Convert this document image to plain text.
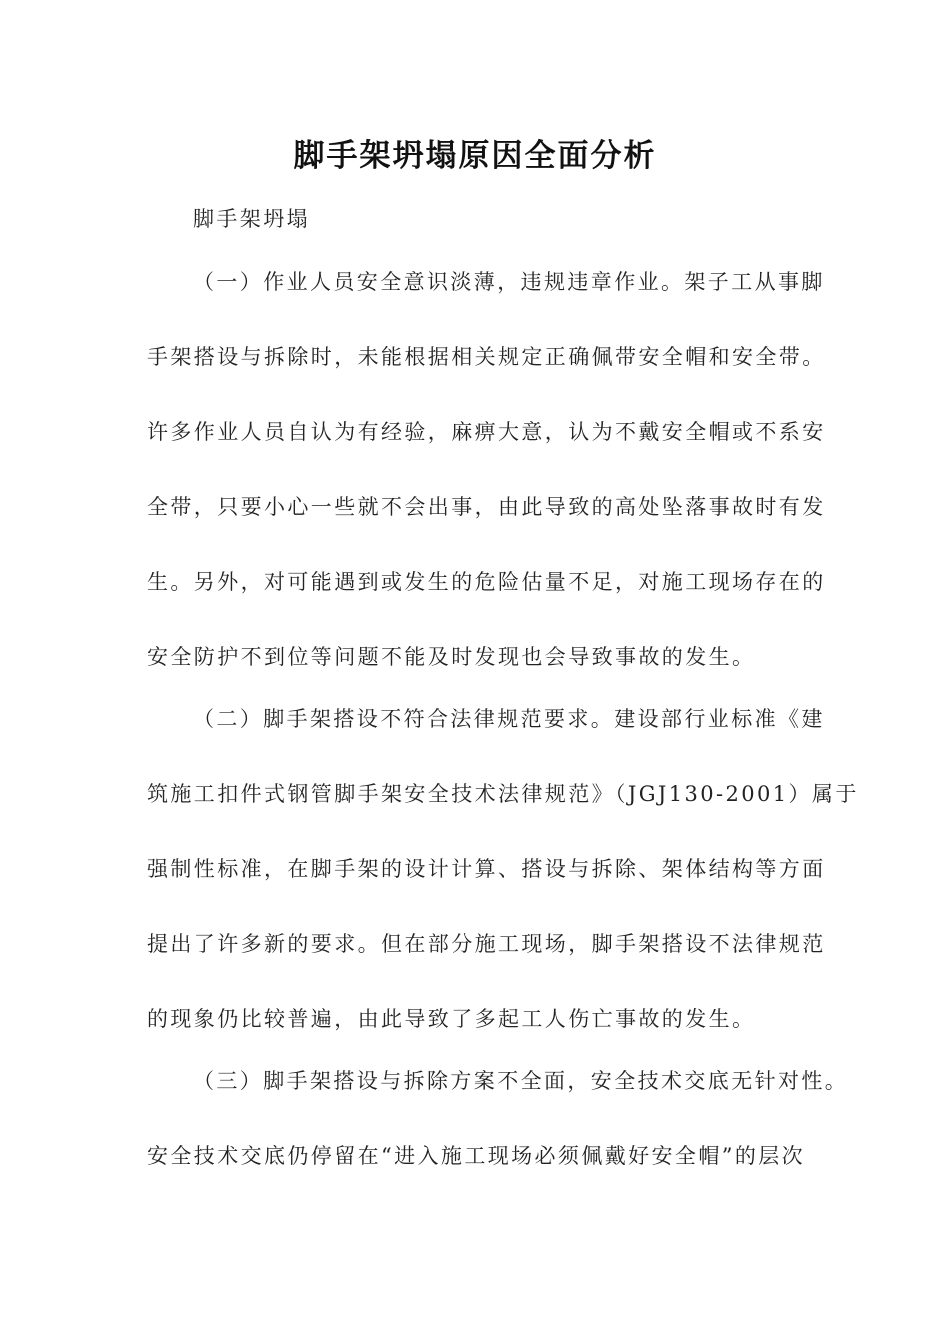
脚手架坍塌原因全面分析
脚手架坍塌
（一）作业人员安全意识淡薄，违规违章作业。架子工从事脚
手架搭设与拆除时，未能根据相关规定正确佩带安全帽和安全带。
许多作业人员自认为有经验，麻痹大意，认为不戴安全帽或不系安
全带，只要小心一些就不会出事，由此导致的高处坠落事故时有发
生。另外，对可能遇到或发生的危险估量不足，对施工现场存在的
安全防护不到位等问题不能及时发现也会导致事故的发生。
（二）脚手架搭设不符合法律规范要求。建设部行业标准《建
筑施工扣件式钢管脚手架安全技术法律规范》（JGJ130-2001）属于
强制性标准，在脚手架的设计计算、搭设与拆除、架体结构等方面
提出了许多新的要求。但在部分施工现场，脚手架搭设不法律规范
的现象仍比较普遍，由此导致了多起工人伤亡事故的发生。
（三）脚手架搭设与拆除方案不全面，安全技术交底无针对性。
安全技术交底仍停留在“进入施工现场必须佩戴好安全帽”的层次
